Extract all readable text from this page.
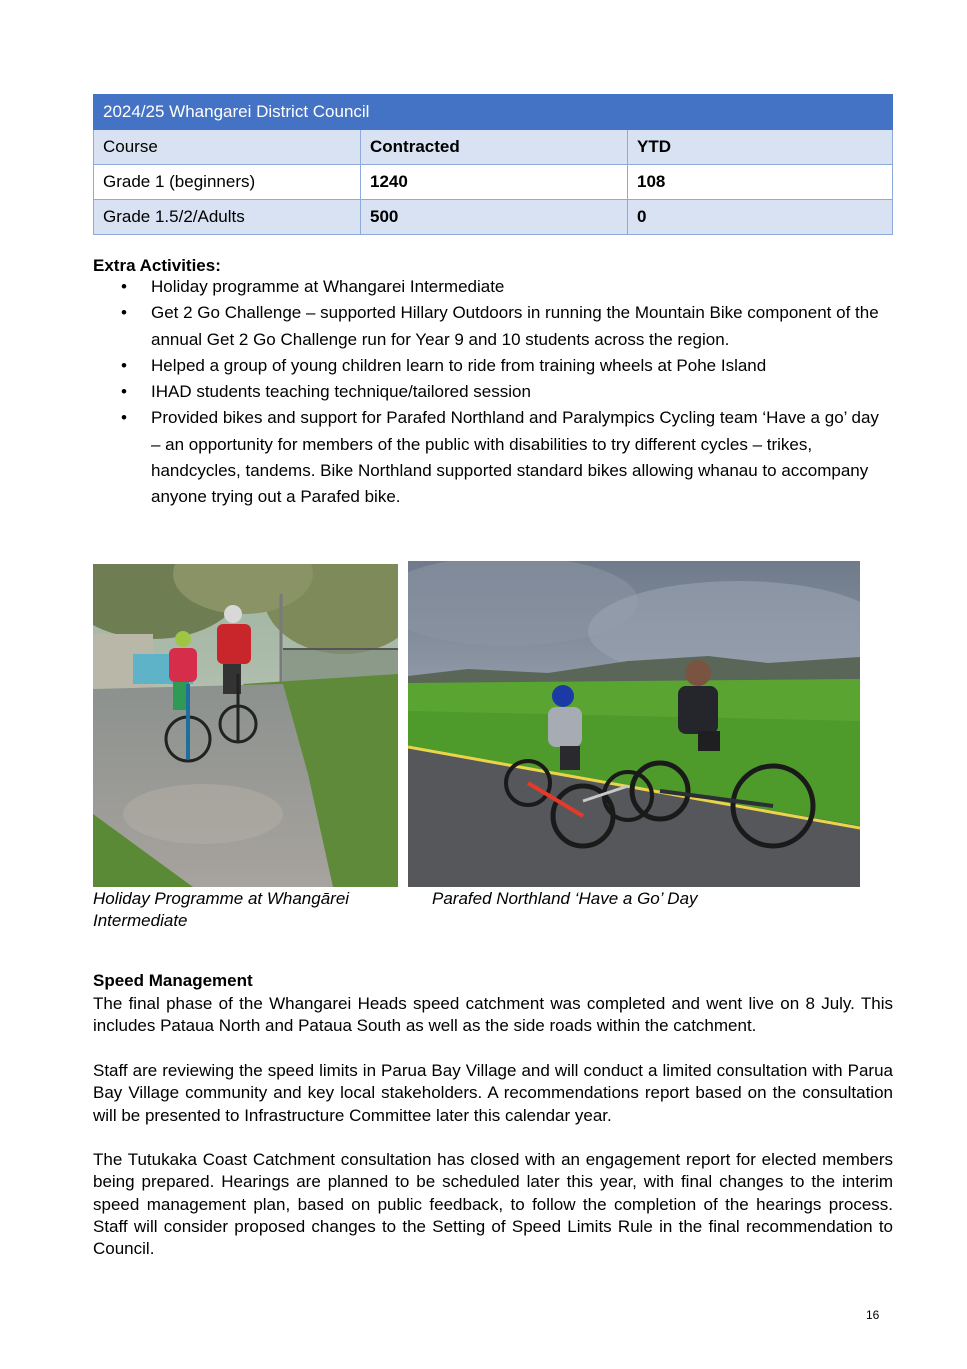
2024/25 Whangarei District Council		
Course	Contracted	YTD
Grade 1 (beginners)	1240	108
Grade 1.5/2/Adults	500	0
Extra Activities:
• Holiday programme at Whangarei Intermediate
• Get 2 Go Challenge – supported Hillary Outdoors in running the Mountain Bike component of the annual Get 2 Go Challenge run for Year 9 and 10 students across the region.
• Helped a group of young children learn to ride from training wheels at Pohe Island
• IHAD students teaching technique/tailored session
• Provided bikes and support for Parafed Northland and Paralympics Cycling team ‘Have a go’ day – an opportunity for members of the public with disabilities to try different cycles – trikes, handcycles, tandems. Bike Northland supported standard bikes allowing whanau to accompany anyone trying out a Parafed bike.
Holiday Programme at Whangārei Intermediate
Parafed Northland ‘Have a Go’ Day
Speed Management
The final phase of the Whangarei Heads speed catchment was completed and went live on 8 July. This includes Pataua North and Pataua South as well as the side roads within the catchment.
Staff are reviewing the speed limits in Parua Bay Village and will conduct a limited consultation with Parua Bay Village community and key local stakeholders. A recommendations report based on the consultation will be presented to Infrastructure Committee later this calendar year.
The Tutukaka Coast Catchment consultation has closed with an engagement report for elected members being prepared. Hearings are planned to be scheduled later this year, with final changes to the interim speed management plan, based on public feedback, to follow the completion of the hearings process. Staff will consider proposed changes to the Setting of Speed Limits Rule in the final recommendation to Council.
16
